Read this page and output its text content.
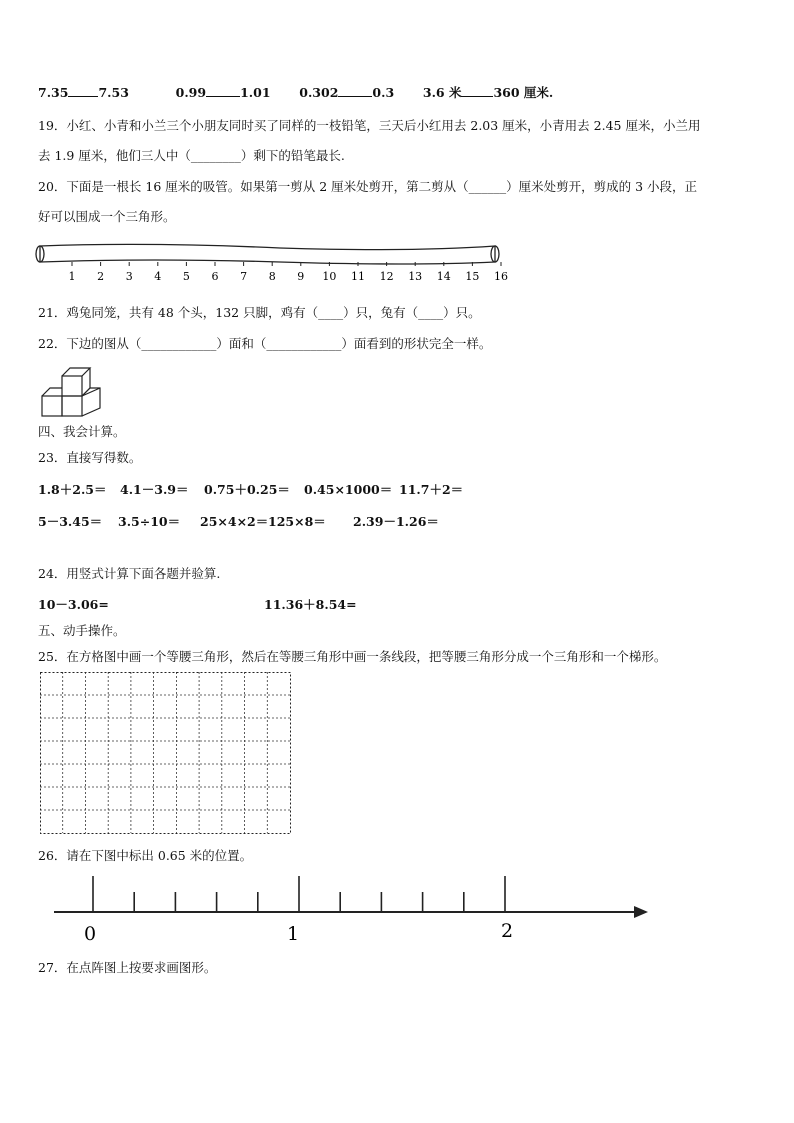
7.35 7.53	0.99	1.01 0.302	0.3 3.6 米	360 厘米.
19．小红、小青和小兰三个小朋友同时买了同样的一枝铅笔，三天后小红用去 2.03 厘米，小青用去 2.45 厘米，小兰用
去 1.9 厘米，他们三人中（________）剩下的铅笔最长.
20．下面是一根长 16 厘米的吸管。如果第一剪从 2 厘米处剪开，第二剪从（______）厘米处剪开，剪成的 3 小段，正
好可以围成一个三角形。
1 2 3 4 5 6 7 8 9 10 11 12 13 14 15 16
21．鸡兔同笼，共有 48 个头，132 只脚，鸡有（____）只，兔有（____）只。
22．下边的图从（____________）面和（____________）面看到的形状完全一样。
四、我会计算。
23．直接写得数。
1.8＋2.5＝ 4.1－3.9＝ 0.75＋0.25＝ 0.45×1000＝ 11.7＋2＝
5－3.45＝ 3.5÷10＝ 25×4×2＝125×8＝ 2.39－1.26＝
24．用竖式计算下面各题并验算.
10－3.06=	11.36＋8.54=
五、动手操作。
25．在方格图中画一个等腰三角形，然后在等腰三角形中画一条线段，把等腰三角形分成一个三角形和一个梯形。
26．请在下图中标出 0.65 米的位置。
0	1	2
27．在点阵图上按要求画图形。
